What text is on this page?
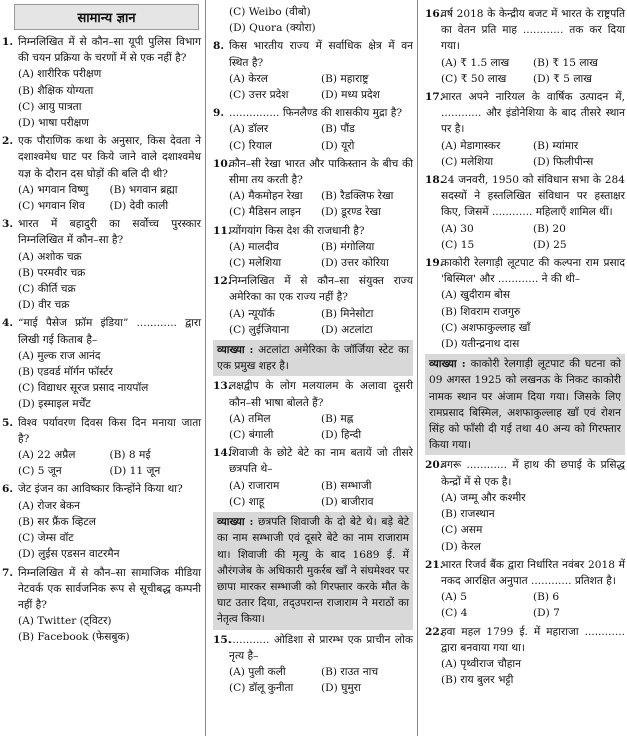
सामान्य ज्ञान
1. निम्नलिखित में से कौन–सा यूपी पुलिस विभाग की चयन प्रक्रिया के चरणों में से एक नहीं है?
(A) शारीरिक परीक्षण
(B) शैक्षिक योग्यता
(C) आयु पात्रता
(D) भाषा परीक्षण
2. एक पौराणिक कथा के अनुसार, किस देवता ने दशाश्वमेध घाट पर किये जाने वाले दशाश्वमेध यज्ञ के दौरान दस घोड़ों की बलि दी थी?
(A) भगवान विष्णु	(B) भगवान ब्रह्मा
(C) भगवान शिव	(D) देवी काली
3. भारत में बहादुरी का सर्वोच्च पुरस्कार निम्नलिखित में कौन–सा है?
(A) अशोक चक्र
(B) परमवीर चक्र
(C) कीर्ति चक्र
(D) वीर चक्र
4. “माई पैसेज फ्रॉम इंडिया” ............ द्वारा लिखी गई किताब है–
(A) मुल्क राज आनंद
(B) एडवर्ड मॉर्गन फॉर्स्टर
(C) विद्याधर सूरज प्रसाद नायपॉल
(D) इस्माइल मर्चेंट
5. विश्व पर्यावरण दिवस किस दिन मनाया जाता है?
(A) 22 अप्रैल	(B) 8 मई
(C) 5 जून	(D) 11 जून
6. जेट इंजन का आविष्कार किन्होंने किया था?
(A) रोजर बेकन
(B) सर फ्रैंक व्हिटल
(C) जेम्स वॉट
(D) लुईस एडसन वाटरमैन
7. निम्नलिखित में से कौन–सा सामाजिक मीडिया नेटवर्क एक सार्वजनिक रूप से सूचीबद्ध कम्पनी नहीं है?
(A) Twitter (ट्विटर)
(B) Facebook (फेसबुक)
(C) Weibo (वीबो)
(D) Quora (क्योरा)
8. किस भारतीय राज्य में सर्वाधिक क्षेत्र में वन स्थित है?
(A) केरल	(B) महाराष्ट्र
(C) उत्तर प्रदेश	(D) मध्य प्रदेश
9. ............... फिनलैण्ड की शासकीय मुद्रा है?
(A) डॉलर	(B) पौंड
(C) रियाल	(D) यूरो
10.
कौन–सी रेखा भारत और पाकिस्तान के बीच की सीमा तय करती है?
(A) मैकमोहन रेखा	(B) रैडक्लिफ रेखा
(C) मैडिसन लाइन	(D) डूरण्ड रेखा
11.
प्योंगयांग किस देश की राजधानी है?
(A) मालदीव	(B) मंगोलिया
(C) मलेशिया	(D) उत्तर कोरिया
12.
निम्नलिखित में से कौन–सा संयुक्त राज्य अमेरिका का एक राज्य नहीं है?
(A) न्यूयॉर्क	(B) मिनेसोटा
(C) लुईजियाना	(D) अटलांटा
व्याख्या : अटलांटा अमेरिका के जॉर्जिया स्टेट का एक प्रमुख शहर है।
13.
लक्षद्वीप के लोग मलयालम के अलावा दूसरी कौन–सी भाषा बोलते हैं?
(A) तमिल	(B) मह्ल
(C) बंगाली	(D) हिन्दी
14.
शिवाजी के छोटे बेटे का नाम बतायें जो तीसरे छत्रपति थे–
(A) राजाराम	(B) सम्भाजी
(C) शाहू	(D) बाजीराव
व्याख्या : छत्रपति शिवाजी के दो बेटे थे। बड़े बेटे का नाम सम्भाजी एवं दूसरे बेटे का नाम राजाराम था। शिवाजी की मृत्यु के बाद 1689 ई. में औरंगजेब के अधिकारी मुकर्रब खाँ ने संघमेश्वर पर छापा मारकर सम्भाजी को गिरफ्तार करके मौत के घाट उतार दिया, तद्उपरान्त राजाराम ने मराठों का नेतृत्व किया।
15.
............ ओडिशा से प्रारम्भ एक प्राचीन लोक नृत्य है–
(A) पुली कली	(B) राउत नाच
(C) डॉलू कुनीता	(D) घुमुरा
16.
वर्ष 2018 के केन्द्रीय बजट में भारत के राष्ट्रपति का वेतन प्रति माह ............ तक कर दिया गया।
(A) ₹ 1.5 लाख	(B) ₹ 15 लाख
(C) ₹ 50 लाख	(D) ₹ 5 लाख
17.
भारत अपने नारियल के वार्षिक उत्पादन में, ............ और इंडोनेशिया के बाद तीसरे स्थान पर है।
(A) मेडागास्कर	(B) म्यांमार
(C) मलेशिया	(D) फिलीपीन्स
18.
24 जनवरी, 1950 को संविधान सभा के 284 सदस्यों ने हस्तलिखित संविधान पर हस्ताक्षर किए, जिसमें ............ महिलाएँ शामिल थीं।
(A) 30	(B) 20
(C) 15	(D) 25
19.
काकोरी रेलगाड़ी लूटपाट की कल्पना राम प्रसाद 'बिस्मिल' और ............ ने की थी–
(A) खुदीराम बोस
(B) शिवराम राजगुरु
(C) अशफाकुल्लाह खाँ
(D) यतीन्द्रनाथ दास
व्याख्या : काकोरी रेलगाड़ी लूटपाट की घटना को 09 अगस्त 1925 को लखनऊ के निकट काकोरी नामक स्थान पर अंजाम दिया गया। जिसके लिए रामप्रसाद बिस्मिल, अशफाकुल्लाह खाँ एवं रोशन सिंह को फाँसी दी गई तथा 40 अन्य को गिरफ्तार किया गया।
20.
बगरू ............ में हाथ की छपाई के प्रसिद्ध केन्द्रों में से एक है।
(A) जम्मू और कश्मीर
(B) राजस्थान
(C) असम
(D) केरल
21.
भारत रिजर्व बैंक द्वारा निर्धारित नवंबर 2018 में नकद आरक्षित अनुपात ............ प्रतिशत है।
(A) 5	(B) 6
(C) 4	(D) 7
22.
हवा महल 1799 ई. में महाराजा ............ द्वारा बनवाया गया था।
(A) पृथ्वीराज चौहान
(B) राय बुलर भट्टी
